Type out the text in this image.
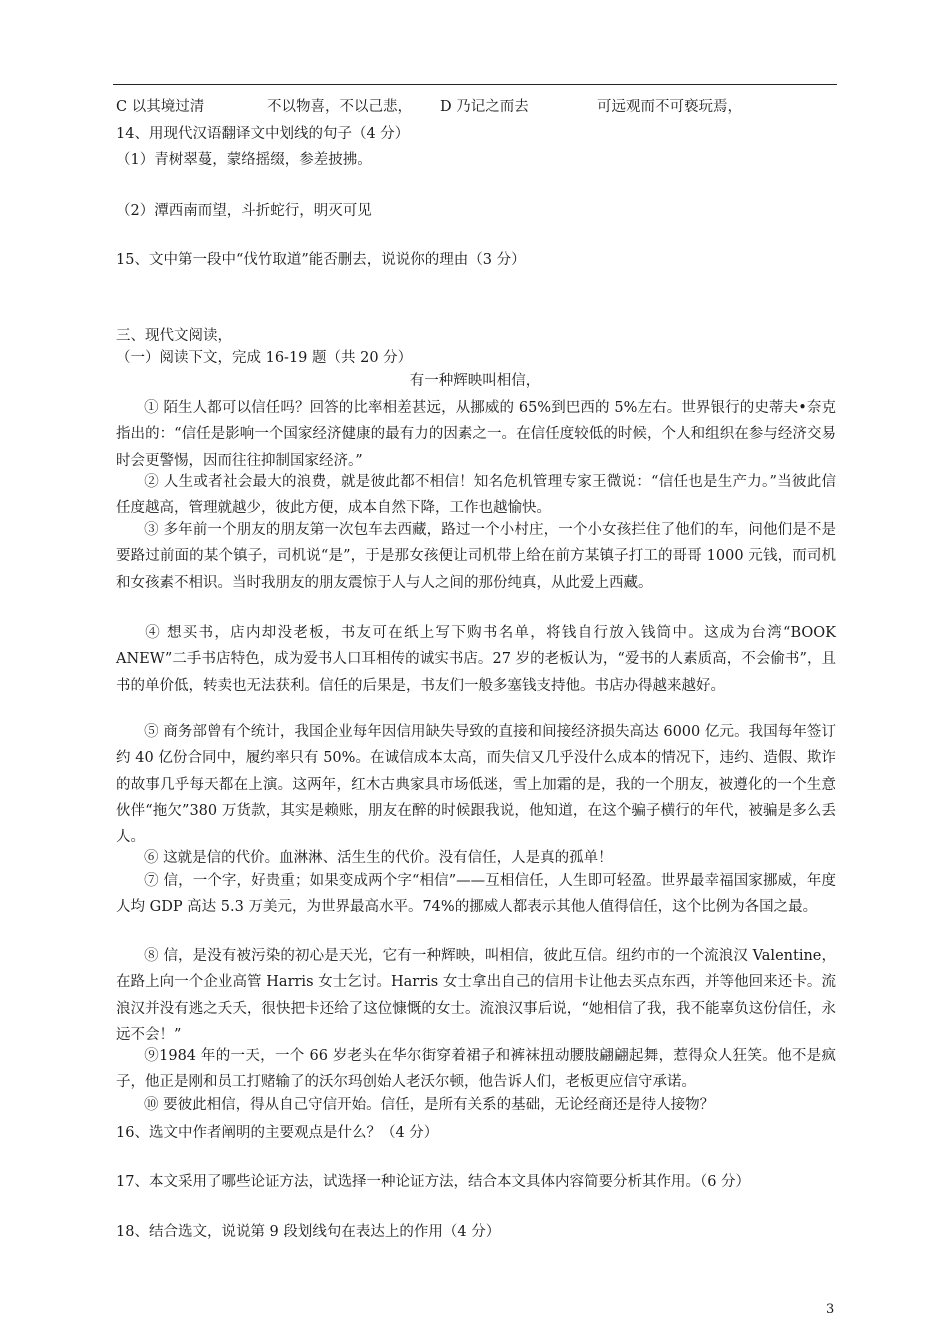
C 以其境过清	不以物喜，不以己悲， D 乃记之而去	可远观而不可亵玩焉，
14、用现代汉语翻译文中划线的句子（4 分）
（1）青树翠蔓，蒙络摇缀，参差披拂。
（2）潭西南而望，斗折蛇行，明灭可见
15、文中第一段中“伐竹取道”能否删去，说说你的理由（3 分）
三、现代文阅读，
（一）阅读下文，完成 16-19 题（共 20 分）
有一种辉映叫相信，
① 陌生人都可以信任吗？回答的比率相差甚远，从挪威的 65%到巴西的 5%左右。世界银行的史蒂夫•奈克指出的：“信任是影响一个国家经济健康的最有力的因素之一。在信任度较低的时候，个人和组织在参与经济交易时会更警惕，因而往往抑制国家经济。”
② 人生或者社会最大的浪费，就是彼此都不相信！知名危机管理专家王微说：“信任也是生产力。”当彼此信任度越高，管理就越少，彼此方便，成本自然下降，工作也越愉快。
③ 多年前一个朋友的朋友第一次包车去西藏，路过一个小村庄，一个小女孩拦住了他们的车，问他们是不是要路过前面的某个镇子，司机说“是”，于是那女孩便让司机带上给在前方某镇子打工的哥哥 1000 元钱，而司机和女孩素不相识。当时我朋友的朋友震惊于人与人之间的那份纯真，从此爱上西藏。
④ 想买书，店内却没老板，书友可在纸上写下购书名单，将钱自行放入钱筒中。这成为台湾“BOOK ANEW”二手书店特色，成为爱书人口耳相传的诚实书店。27 岁的老板认为，“爱书的人素质高，不会偷书”，且书的单价低，转卖也无法获利。信任的后果是，书友们一般多塞钱支持他。书店办得越来越好。
⑤ 商务部曾有个统计，我国企业每年因信用缺失导致的直接和间接经济损失高达 6000 亿元。我国每年签订约 40 亿份合同中，履约率只有 50%。在诚信成本太高，而失信又几乎没什么成本的情况下，违约、造假、欺诈的故事几乎每天都在上演。这两年，红木古典家具市场低迷，雪上加霜的是，我的一个朋友，被遵化的一个生意伙伴“拖欠”380 万货款，其实是赖账，朋友在醉的时候跟我说，他知道，在这个骗子横行的年代，被骗是多么丢人。
⑥ 这就是信的代价。血淋淋、活生生的代价。没有信任，人是真的孤单！
⑦ 信，一个字，好贵重；如果变成两个字“相信”——互相信任，人生即可轻盈。世界最幸福国家挪威，年度人均 GDP 高达 5.3 万美元，为世界最高水平。74%的挪威人都表示其他人值得信任，这个比例为各国之最。
⑧ 信，是没有被污染的初心是天光，它有一种辉映，叫相信，彼此互信。纽约市的一个流浪汉 Valentine，在路上向一个企业高管 Harris 女士乞讨。Harris 女士拿出自己的信用卡让他去买点东西，并等他回来还卡。流浪汉并没有逃之夭夭，很快把卡还给了这位慷慨的女士。流浪汉事后说，“她相信了我，我不能辜负这份信任，永远不会！”
⑨1984 年的一天，一个 66 岁老头在华尔街穿着裙子和裤袜扭动腰肢翩翩起舞，惹得众人狂笑。他不是疯子，他正是刚和员工打赌输了的沃尔玛创始人老沃尔顿，他告诉人们，老板更应信守承诺。
⑩ 要彼此相信，得从自己守信开始。信任，是所有关系的基础，无论经商还是待人接物？
16、选文中作者阐明的主要观点是什么？（4 分）
17、本文采用了哪些论证方法，试选择一种论证方法，结合本文具体内容简要分析其作用。（6 分）
18、结合选文，说说第 9 段划线句在表达上的作用（4 分）
3
